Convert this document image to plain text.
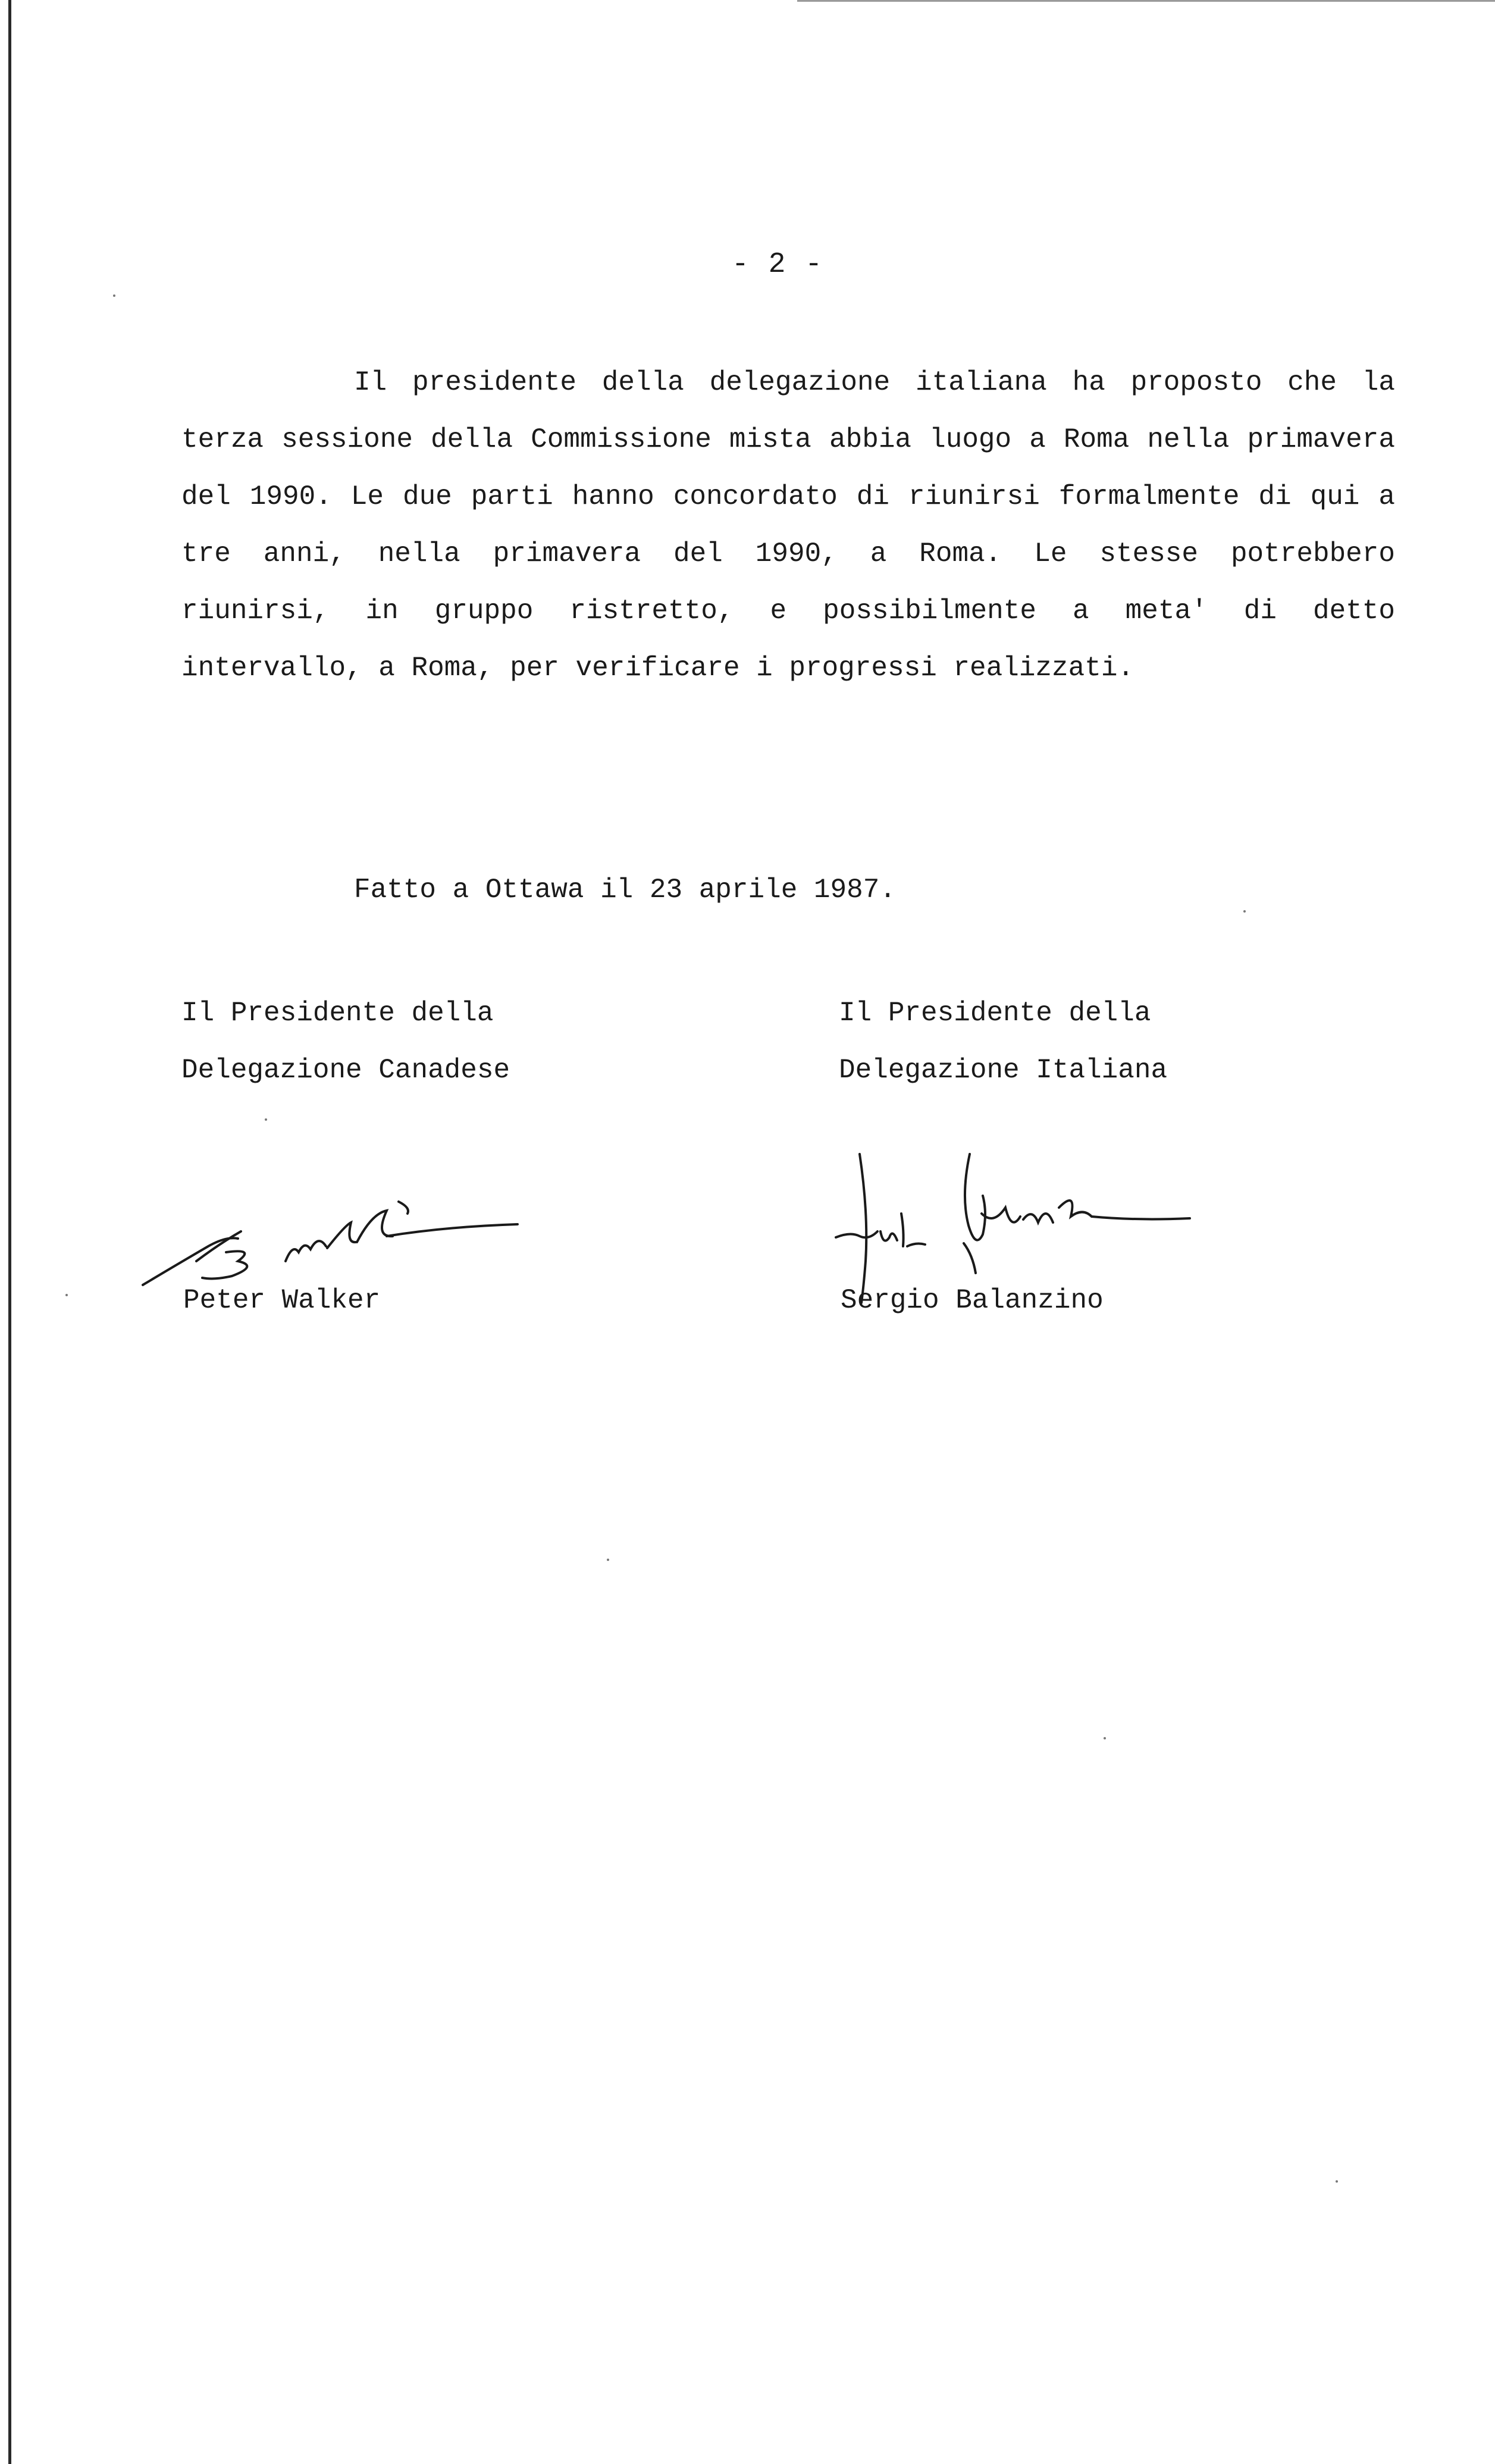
- 2 -
Il presidente della delegazione italiana ha proposto che la terza sessione della Commissione mista abbia luogo a Roma nella primavera del 1990. Le due parti hanno concordato di riunirsi formalmente di qui a tre anni, nella primavera del 1990, a Roma. Le stesse potrebbero riunirsi, in gruppo ristretto, e possibilmente a meta' di detto intervallo, a Roma, per verificare i progressi realizzati.
Fatto a Ottawa il 23 aprile 1987.
Il Presidente della
Delegazione Canadese
Il Presidente della
Delegazione Italiana
Peter Walker	Sergio Balanzino
